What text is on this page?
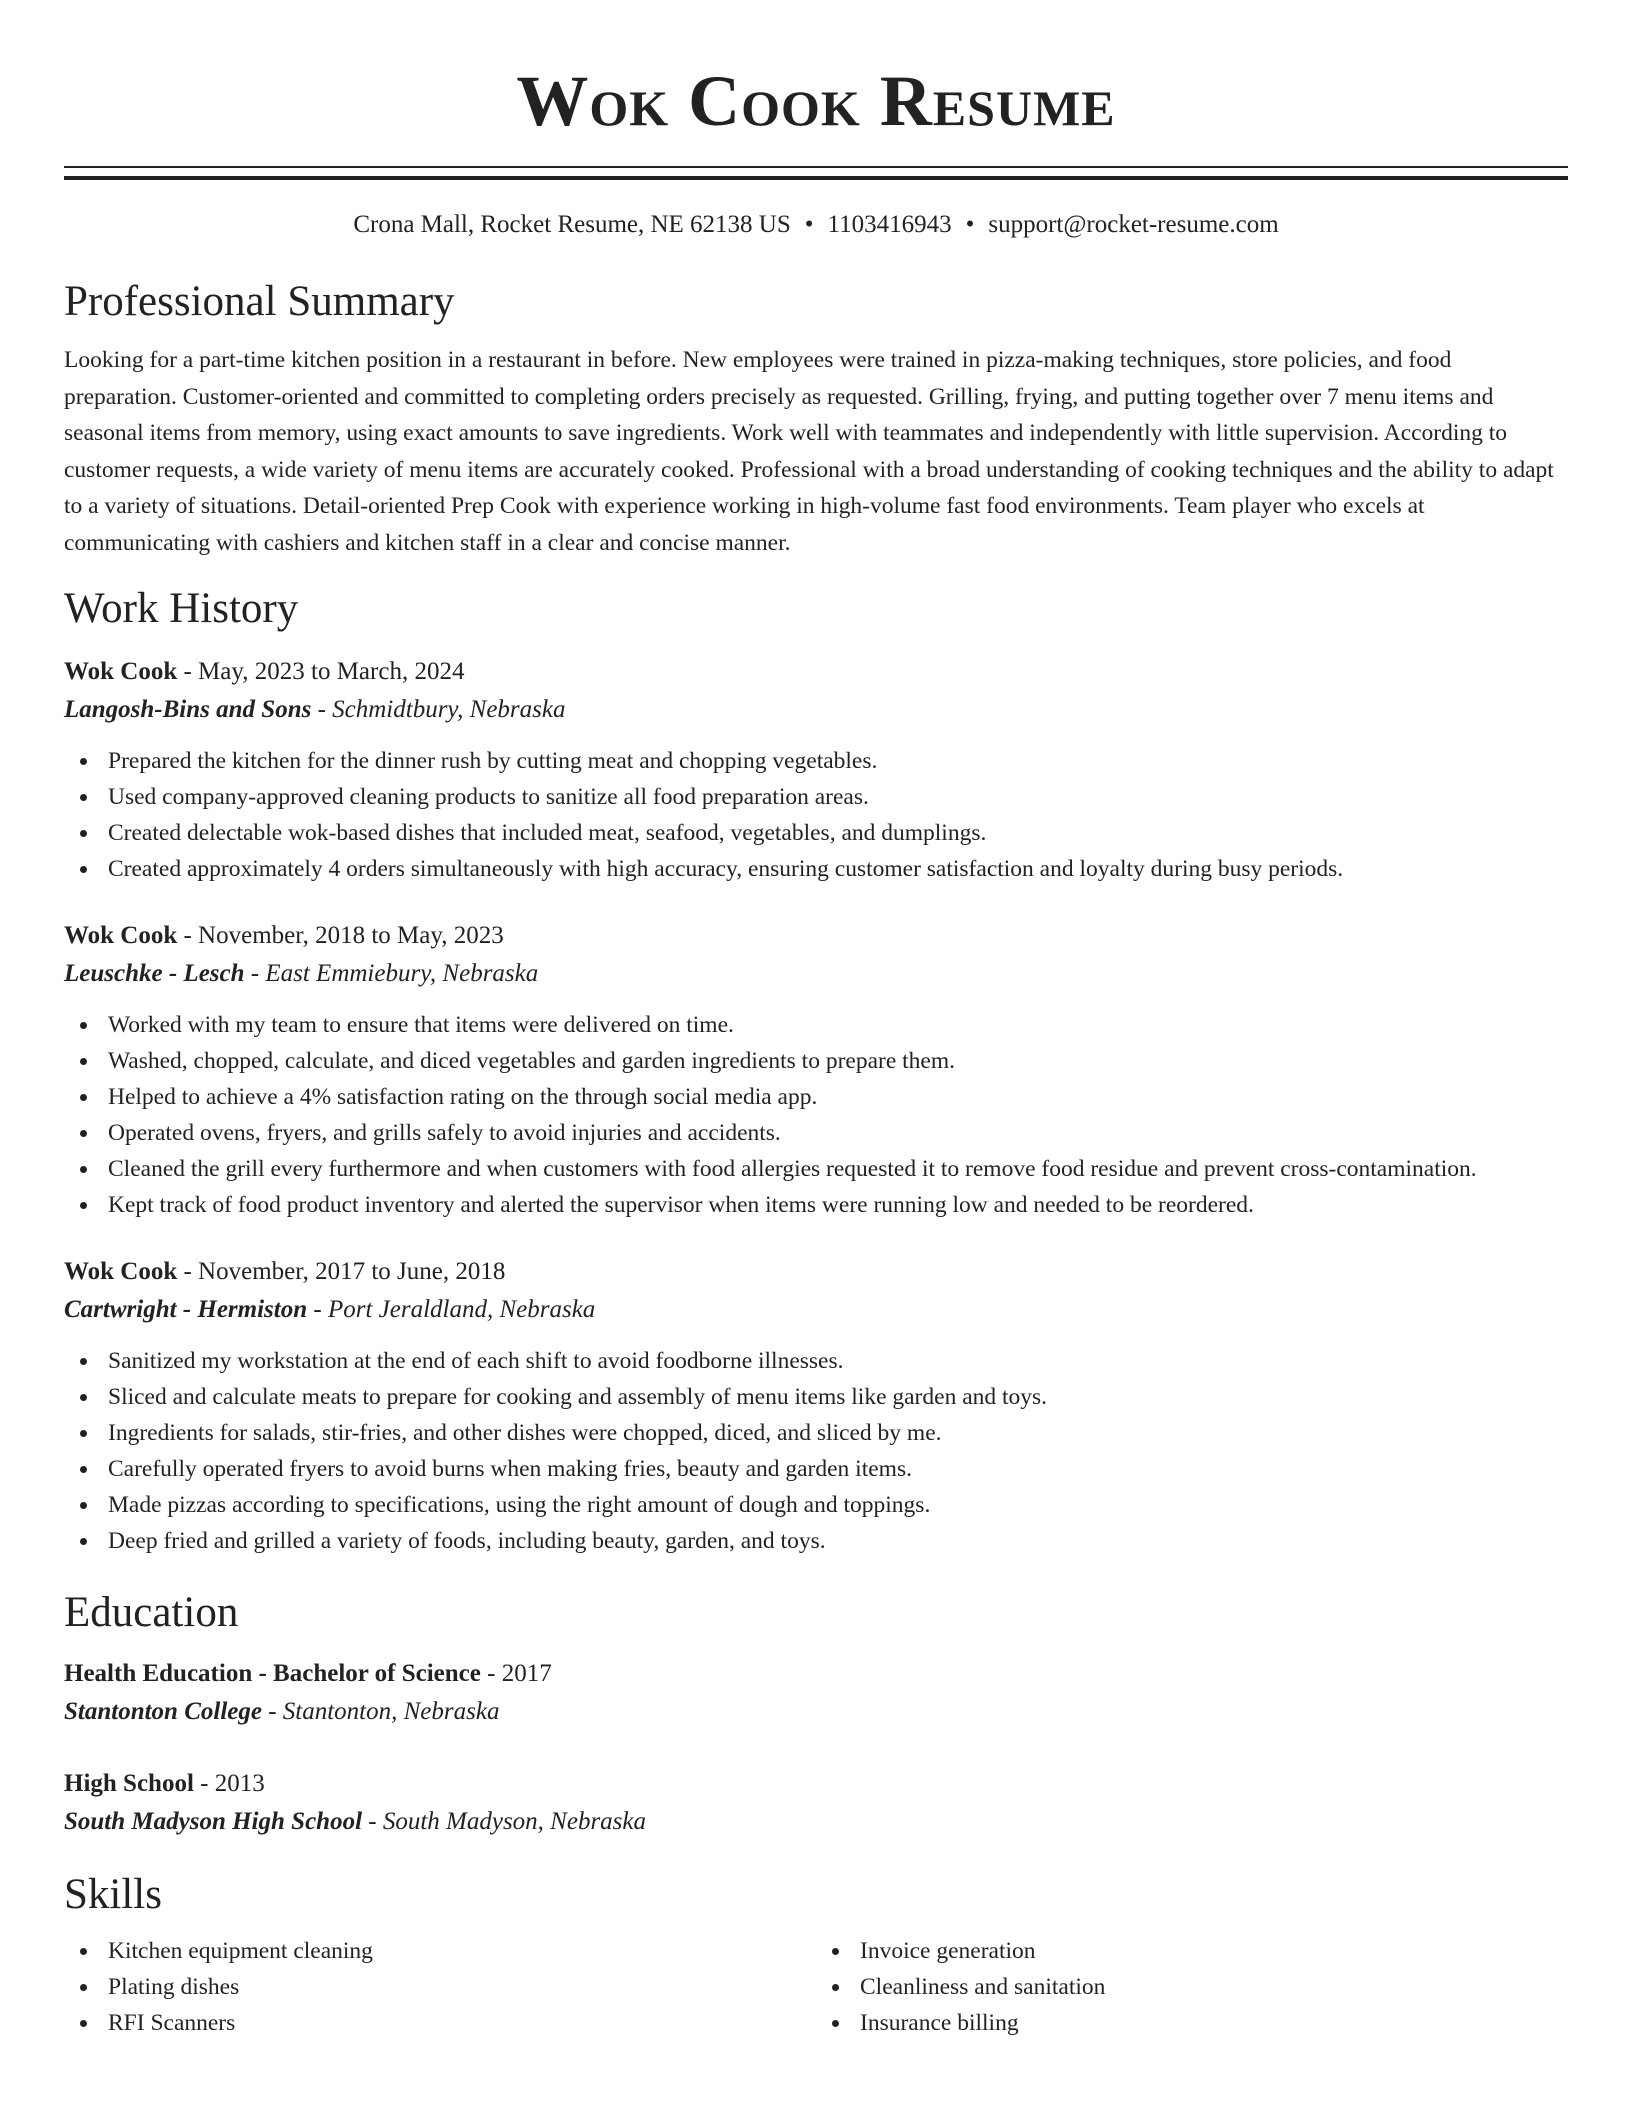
Wok Cook Resume
Crona Mall, Rocket Resume, NE 62138 US • 1103416943 • support@rocket-resume.com
Professional Summary

Looking for a part-time kitchen position in a restaurant in before. New employees were trained in pizza-making techniques, store policies, and food preparation. Customer-oriented and committed to completing orders precisely as requested. Grilling, frying, and putting together over 7 menu items and seasonal items from memory, using exact amounts to save ingredients. Work well with teammates and independently with little supervision. According to customer requests, a wide variety of menu items are accurately cooked. Professional with a broad understanding of cooking techniques and the ability to adapt to a variety of situations. Detail-oriented Prep Cook with experience working in high-volume fast food environments. Team player who excels at communicating with cashiers and kitchen staff in a clear and concise manner.

Work History
Wok Cook - May, 2023 to March, 2024
Langosh-Bins and Sons - Schmidtbury, Nebraska
Prepared the kitchen for the dinner rush by cutting meat and chopping vegetables.
Used company-approved cleaning products to sanitize all food preparation areas.
Created delectable wok-based dishes that included meat, seafood, vegetables, and dumplings.
Created approximately 4 orders simultaneously with high accuracy, ensuring customer satisfaction and loyalty during busy periods.
Wok Cook - November, 2018 to May, 2023
Leuschke - Lesch - East Emmiebury, Nebraska
Worked with my team to ensure that items were delivered on time.
Washed, chopped, calculate, and diced vegetables and garden ingredients to prepare them.
Helped to achieve a 4% satisfaction rating on the through social media app.
Operated ovens, fryers, and grills safely to avoid injuries and accidents.
Cleaned the grill every furthermore and when customers with food allergies requested it to remove food residue and prevent cross-contamination.
Kept track of food product inventory and alerted the supervisor when items were running low and needed to be reordered.
Wok Cook - November, 2017 to June, 2018
Cartwright - Hermiston - Port Jeraldland, Nebraska
Sanitized my workstation at the end of each shift to avoid foodborne illnesses.
Sliced and calculate meats to prepare for cooking and assembly of menu items like garden and toys.
Ingredients for salads, stir-fries, and other dishes were chopped, diced, and sliced by me.
Carefully operated fryers to avoid burns when making fries, beauty and garden items.
Made pizzas according to specifications, using the right amount of dough and toppings.
Deep fried and grilled a variety of foods, including beauty, garden, and toys.
Education
Health Education - Bachelor of Science - 2017
Stantonton College - Stantonton, Nebraska
High School - 2013
South Madyson High School - South Madyson, Nebraska
Skills
Kitchen equipment cleaning
Plating dishes
RFI Scanners
Invoice generation
Cleanliness and sanitation
Insurance billing
